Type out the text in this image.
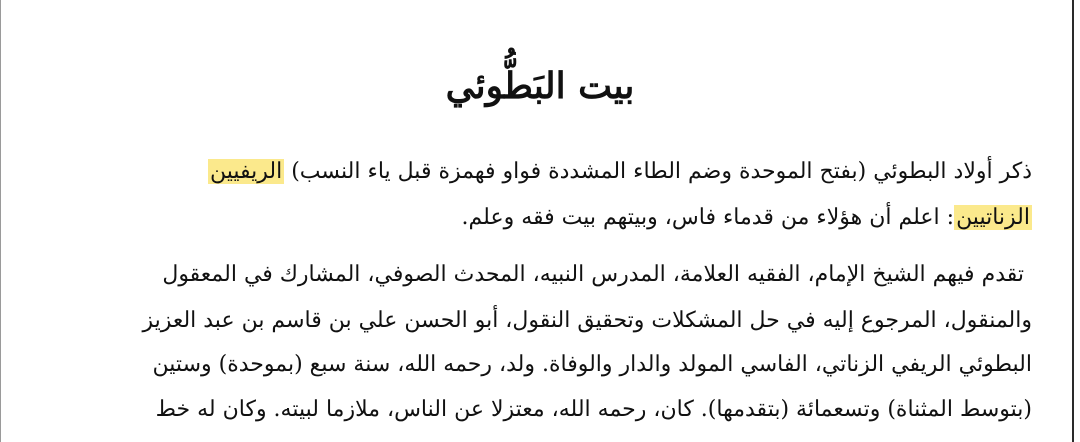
بيت البَطُّوئي
ذكر أولاد البطوئي (بفتح الموحدة وضم الطاء المشددة فواو فهمزة قبل ياء النسب) الريفيين
الزناتيين: اعلم أن هؤلاء من قدماء فاس، وبيتهم بيت فقه وعلم.
تقدم فيهم الشيخ الإمام، الفقيه العلامة، المدرس النبيه، المحدث الصوفي، المشارك في المعقول
والمنقول، المرجوع إليه في حل المشكلات وتحقيق النقول، أبو الحسن علي بن قاسم بن عبد العزيز
البطوئي الريفي الزناتي، الفاسي المولد والدار والوفاة. ولد، رحمه الله، سنة سبع (بموحدة) وستين
(بتوسط المثناة) وتسعمائة (بتقدمها). كان، رحمه الله، معتزلا عن الناس، ملازما لبيته. وكان له خط
